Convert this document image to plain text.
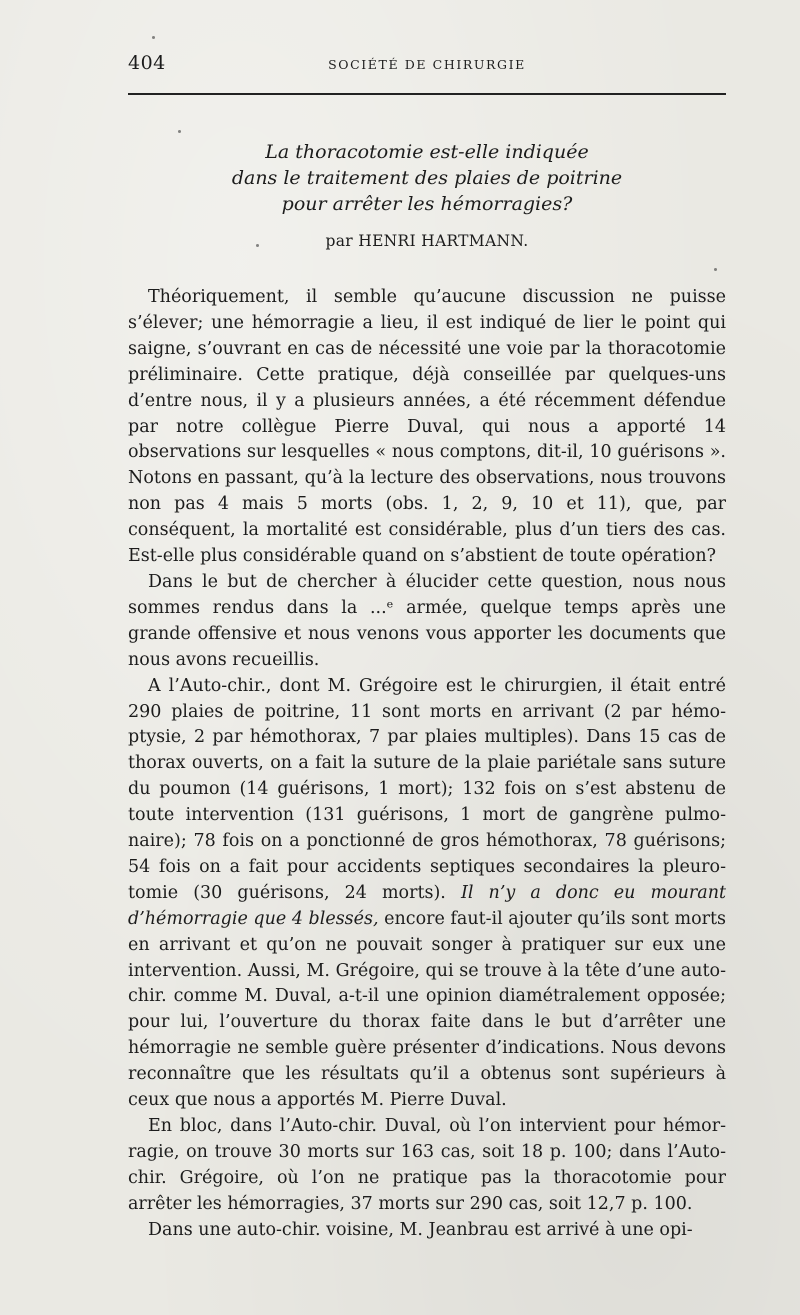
404	SOCIÉTÉ DE CHIRURGIE
La thoracotomie est-elle indiquée
dans le traitement des plaies de poitrine
pour arrêter les hémorragies?
par HENRI HARTMANN.

Théoriquement, il semble qu’aucune discussion ne puisse s’élever; une hémorragie a lieu, il est indiqué de lier le point qui saigne, s’ouvrant en cas de nécessité une voie par la thoracotomie préliminaire. Cette pratique, déjà conseillée par quelques-uns d’entre nous, il y a plusieurs années, a été récemment défendue par notre collègue Pierre Duval, qui nous a apporté 14 observations sur lesquelles « nous comptons, dit-il, 10 guérisons ». Notons en passant, qu’à la lecture des observations, nous trouvons non pas 4 mais 5 morts (obs. 1, 2, 9, 10 et 11), que, par conséquent, la mortalité est considérable, plus d’un tiers des cas. Est-elle plus considérable quand on s’abstient de toute opération?

Dans le but de chercher à élucider cette question, nous nous sommes rendus dans la ...ᵉ armée, quelque temps après une grande offensive et nous venons vous apporter les documents que nous avons recueillis.

A l’Auto-chir., dont M. Grégoire est le chirurgien, il était entré 290 plaies de poitrine, 11 sont morts en arrivant (2 par hémoptysie, 2 par hémothorax, 7 par plaies multiples). Dans 15 cas de thorax ouverts, on a fait la suture de la plaie pariétale sans suture du poumon (14 guérisons, 1 mort); 132 fois on s’est abstenu de toute intervention (131 guérisons, 1 mort de gangrène pulmonaire); 78 fois on a ponctionné de gros hémothorax, 78 guérisons; 54 fois on a fait pour accidents septiques secondaires la pleurotomie (30 guérisons, 24 morts). Il n’y a donc eu mourant d’hémorragie que 4 blessés, encore faut-il ajouter qu’ils sont morts en arrivant et qu’on ne pouvait songer à pratiquer sur eux une intervention. Aussi, M. Grégoire, qui se trouve à la tête d’une auto-chir. comme M. Duval, a-t-il une opinion diamétralement opposée; pour lui, l’ouverture du thorax faite dans le but d’arrêter une hémorragie ne semble guère présenter d’indications. Nous devons reconnaître que les résultats qu’il a obtenus sont supérieurs à ceux que nous a apportés M. Pierre Duval.

En bloc, dans l’Auto-chir. Duval, où l’on intervient pour hémorragie, on trouve 30 morts sur 163 cas, soit 18 p. 100; dans l’Auto-chir. Grégoire, où l’on ne pratique pas la thoracotomie pour arrêter les hémorragies, 37 morts sur 290 cas, soit 12,7 p. 100.

Dans une auto-chir. voisine, M. Jeanbrau est arrivé à une opi-
